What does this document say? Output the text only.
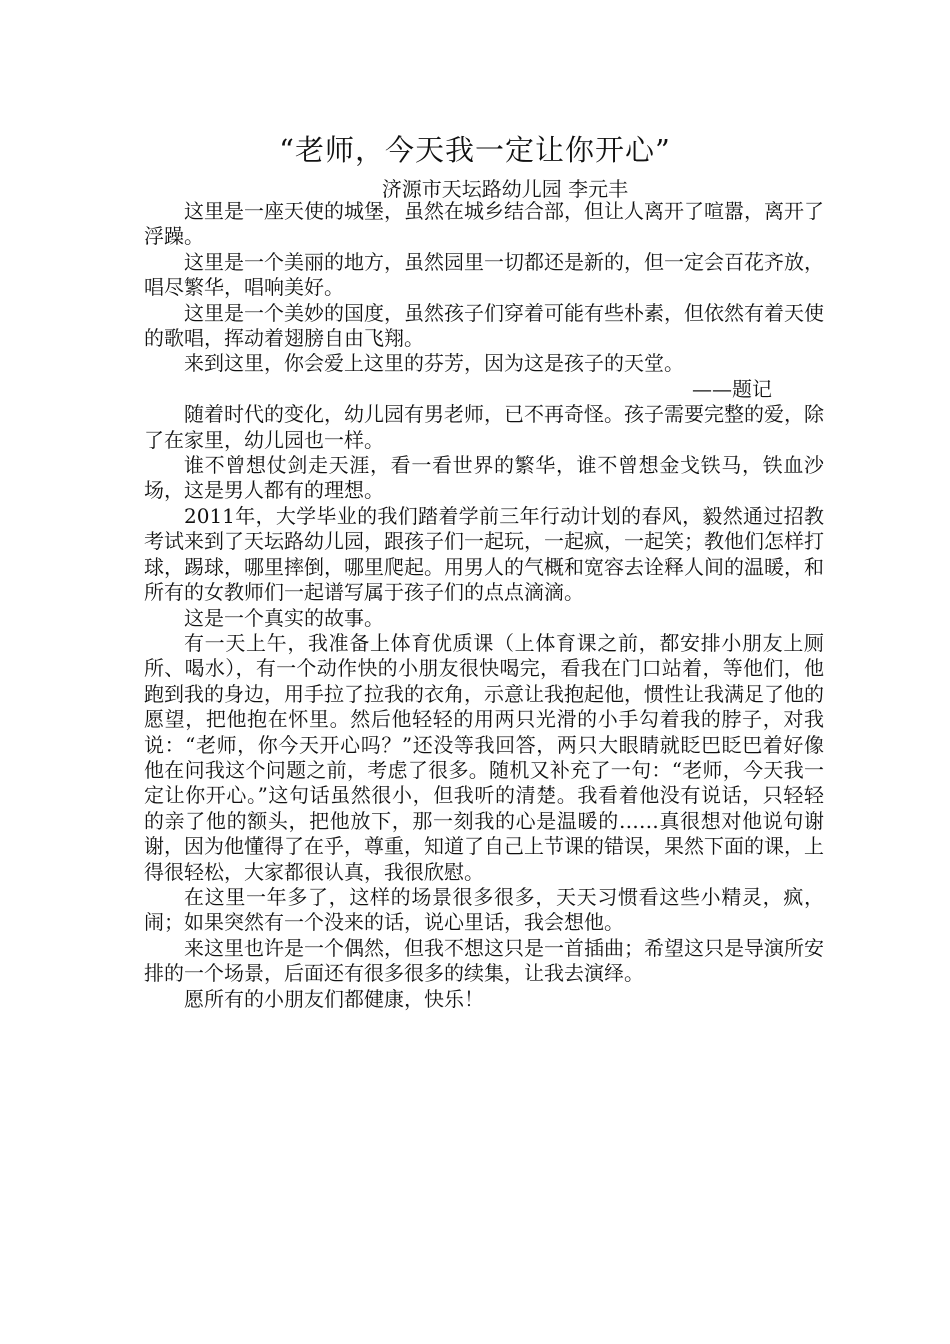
“老师，今天我一定让你开心”
济源市天坛路幼儿园 李元丰

这里是一座天使的城堡，虽然在城乡结合部，但让人离开了喧嚣，离开了浮躁。

这里是一个美丽的地方，虽然园里一切都还是新的，但一定会百花齐放，唱尽繁华，唱响美好。

这里是一个美妙的国度，虽然孩子们穿着可能有些朴素，但依然有着天使的歌唱，挥动着翅膀自由飞翔。

来到这里，你会爱上这里的芬芳，因为这是孩子的天堂。

——题记

随着时代的变化，幼儿园有男老师，已不再奇怪。孩子需要完整的爱，除了在家里，幼儿园也一样。

谁不曾想仗剑走天涯，看一看世界的繁华，谁不曾想金戈铁马，铁血沙场，这是男人都有的理想。

2011年，大学毕业的我们踏着学前三年行动计划的春风，毅然通过招教考试来到了天坛路幼儿园，跟孩子们一起玩，一起疯，一起笑；教他们怎样打球，踢球，哪里摔倒，哪里爬起。用男人的气概和宽容去诠释人间的温暖，和所有的女教师们一起谱写属于孩子们的点点滴滴。

这是一个真实的故事。

有一天上午，我准备上体育优质课（上体育课之前，都安排小朋友上厕所、喝水），有一个动作快的小朋友很快喝完，看我在门口站着，等他们，他跑到我的身边，用手拉了拉我的衣角，示意让我抱起他，惯性让我满足了他的愿望，把他抱在怀里。然后他轻轻的用两只光滑的小手勾着我的脖子，对我说：“老师，你今天开心吗？”还没等我回答，两只大眼睛就眨巴眨巴着好像他在问我这个问题之前，考虑了很多。随机又补充了一句：“老师，今天我一定让你开心。”这句话虽然很小，但我听的清楚。我看着他没有说话，只轻轻的亲了他的额头，把他放下，那一刻我的心是温暖的……真很想对他说句谢谢，因为他懂得了在乎，尊重，知道了自己上节课的错误，果然下面的课，上得很轻松，大家都很认真，我很欣慰。

在这里一年多了，这样的场景很多很多，天天习惯看这些小精灵，疯，闹；如果突然有一个没来的话，说心里话，我会想他。

来这里也许是一个偶然，但我不想这只是一首插曲；希望这只是导演所安排的一个场景，后面还有很多很多的续集，让我去演绎。

愿所有的小朋友们都健康，快乐！
